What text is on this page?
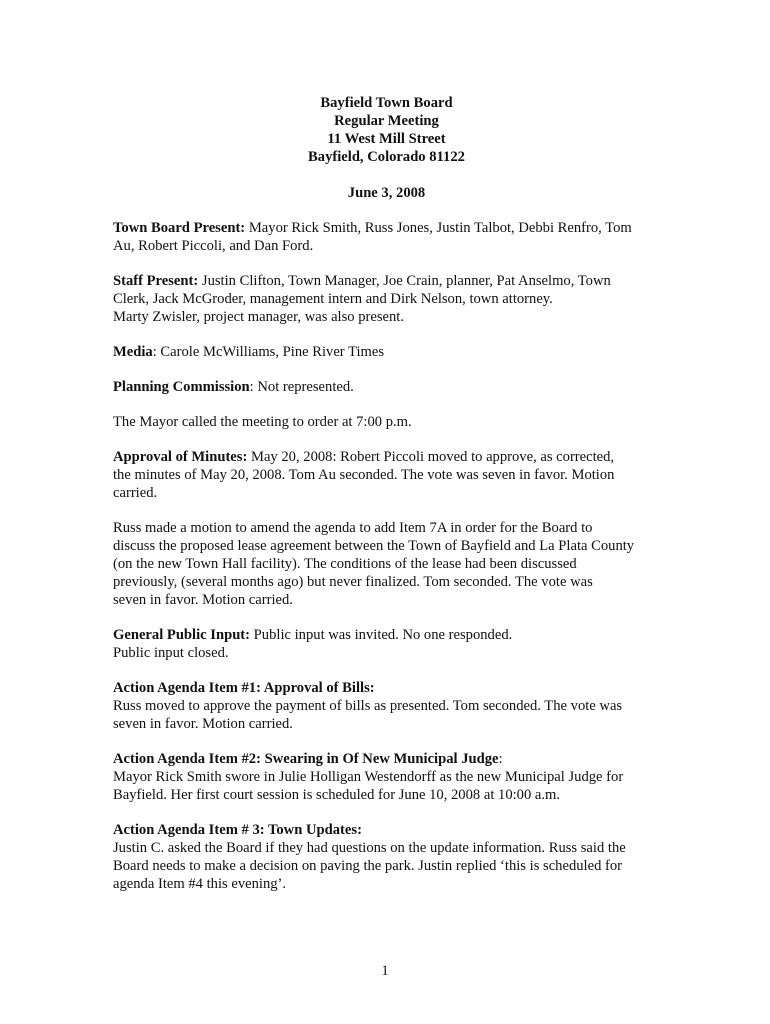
Bayfield Town Board
Regular Meeting
11 West Mill Street
Bayfield, Colorado 81122
June 3, 2008
Town Board Present: Mayor Rick Smith, Russ Jones, Justin Talbot, Debbi Renfro, Tom
Au, Robert Piccoli, and Dan Ford.
Staff Present: Justin Clifton, Town Manager, Joe Crain, planner, Pat Anselmo, Town
Clerk, Jack McGroder, management intern and Dirk Nelson, town attorney.
Marty Zwisler, project manager, was also present.
Media: Carole McWilliams, Pine River Times
Planning Commission: Not represented.
The Mayor called the meeting to order at 7:00 p.m.
Approval of Minutes: May 20, 2008: Robert Piccoli moved to approve, as corrected,
the minutes of May 20, 2008. Tom Au seconded. The vote was seven in favor. Motion
carried.
Russ made a motion to amend the agenda to add Item 7A in order for the Board to
discuss the proposed lease agreement between the Town of Bayfield and La Plata County
(on the new Town Hall facility). The conditions of the lease had been discussed
previously, (several months ago) but never finalized. Tom seconded. The vote was
seven in favor. Motion carried.
General Public Input: Public input was invited. No one responded.
Public input closed.
Action Agenda Item #1: Approval of Bills:
Russ moved to approve the payment of bills as presented. Tom seconded. The vote was
seven in favor. Motion carried.
Action Agenda Item #2: Swearing in Of New Municipal Judge:
Mayor Rick Smith swore in Julie Holligan Westendorff as the new Municipal Judge for
Bayfield. Her first court session is scheduled for June 10, 2008 at 10:00 a.m.
Action Agenda Item # 3: Town Updates:
Justin C. asked the Board if they had questions on the update information. Russ said the
Board needs to make a decision on paving the park. Justin replied ‘this is scheduled for
agenda Item #4 this evening’.
1
